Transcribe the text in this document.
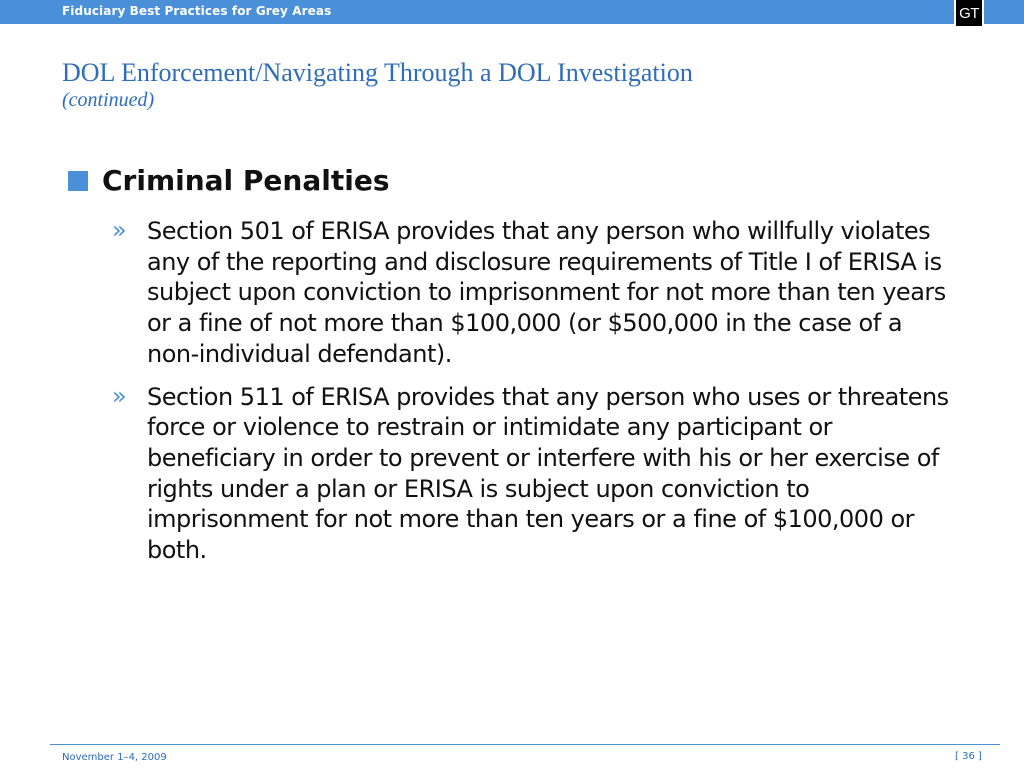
Fiduciary Best Practices for Grey Areas	GT
DOL Enforcement/Navigating Through a DOL Investigation
(continued)
Criminal Penalties
» Section 501 of ERISA provides that any person who willfully violates any of the reporting and disclosure requirements of Title I of ERISA is subject upon conviction to imprisonment for not more than ten years or a fine of not more than $100,000 (or $500,000 in the case of a non-individual defendant).
» Section 511 of ERISA provides that any person who uses or threatens force or violence to restrain or intimidate any participant or beneficiary in order to prevent or interfere with his or her exercise of rights under a plan or ERISA is subject upon conviction to imprisonment for not more than ten years or a fine of $100,000 or both.
November 1–4, 2009	[ 36 ]
